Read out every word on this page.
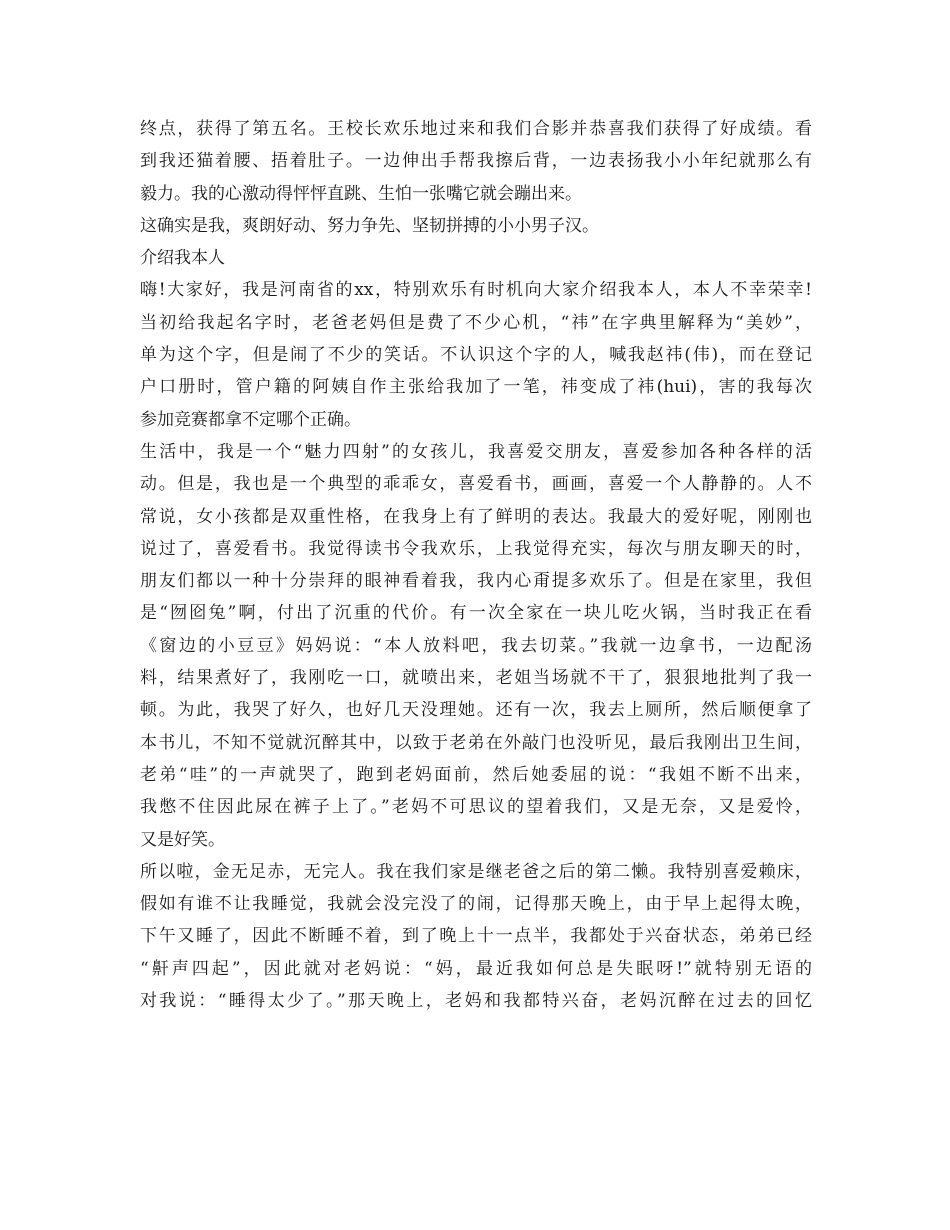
终点，获得了第五名。王校长欢乐地过来和我们合影并恭喜我们获得了好成绩。看
到我还猫着腰、捂着肚子。一边伸出手帮我擦后背，一边表扬我小小年纪就那么有
毅力。我的心激动得怦怦直跳、生怕一张嘴它就会蹦出来。
这确实是我，爽朗好动、努力争先、坚韧拼搏的小小男子汉。
介绍我本人
嗨!大家好，我是河南省的xx，特别欢乐有时机向大家介绍我本人，本人不幸荣幸!
当初给我起名字时，老爸老妈但是费了不少心机，“祎”在字典里解释为“美妙”，
单为这个字，但是闹了不少的笑话。不认识这个字的人，喊我赵祎(伟)，而在登记
户口册时，管户籍的阿姨自作主张给我加了一笔，祎变成了袆(hui)，害的我每次
参加竞赛都拿不定哪个正确。
生活中，我是一个“魅力四射”的女孩儿，我喜爱交朋友，喜爱参加各种各样的活
动。但是，我也是一个典型的乖乖女，喜爱看书，画画，喜爱一个人静静的。人不
常说，女小孩都是双重性格，在我身上有了鲜明的表达。我最大的爱好呢，刚刚也
说过了，喜爱看书。我觉得读书令我欢乐，上我觉得充实，每次与朋友聊天的时，
朋友们都以一种十分崇拜的眼神看着我，我内心甭提多欢乐了。但是在家里，我但
是“囫囵兔”啊，付出了沉重的代价。有一次全家在一块儿吃火锅，当时我正在看
《窗边的小豆豆》妈妈说：“本人放料吧，我去切菜。”我就一边拿书，一边配汤
料，结果煮好了，我刚吃一口，就喷出来，老姐当场就不干了，狠狠地批判了我一
顿。为此，我哭了好久，也好几天没理她。还有一次，我去上厕所，然后顺便拿了
本书儿，不知不觉就沉醉其中，以致于老弟在外敲门也没听见，最后我刚出卫生间，
老弟“哇”的一声就哭了，跑到老妈面前，然后她委屈的说：“我姐不断不出来，
我憋不住因此尿在裤子上了。”老妈不可思议的望着我们，又是无奈，又是爱怜，
又是好笑。
所以啦，金无足赤，无完人。我在我们家是继老爸之后的第二懒。我特别喜爱赖床，
假如有谁不让我睡觉，我就会没完没了的闹，记得那天晚上，由于早上起得太晚，
下午又睡了，因此不断睡不着，到了晚上十一点半，我都处于兴奋状态，弟弟已经
“鼾声四起”，因此就对老妈说：“妈，最近我如何总是失眠呀!”就特别无语的
对我说：“睡得太少了。”那天晚上，老妈和我都特兴奋，老妈沉醉在过去的回忆
